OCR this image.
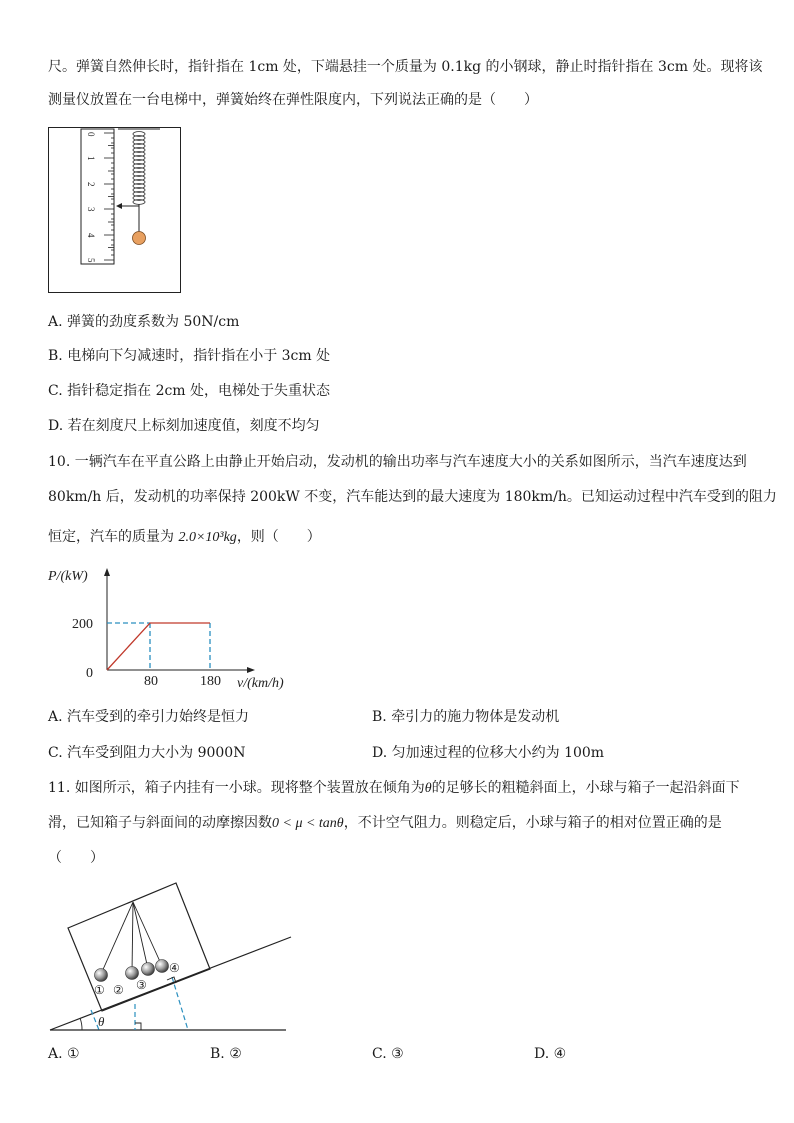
尺。弹簧自然伸长时，指针指在 1cm 处，下端悬挂一个质量为 0.1kg 的小钢球，静止时指针指在 3cm 处。现将该
测量仪放置在一台电梯中，弹簧始终在弹性限度内，下列说法正确的是（　　）
0
1
2
3
4
5
A. 弹簧的劲度系数为 50N/cm
B. 电梯向下匀减速时，指针指在小于 3cm 处
C. 指针稳定指在 2cm 处，电梯处于失重状态
D. 若在刻度尺上标刻加速度值，刻度不均匀
10. 一辆汽车在平直公路上由静止开始启动，发动机的输出功率与汽车速度大小的关系如图所示，当汽车速度达到
80km/h 后，发动机的功率保持 200kW 不变，汽车能达到的最大速度为 180km/h。已知运动过程中汽车受到的阻力
恒定，汽车的质量为 2.0×10³kg，则（　　）
P/(kW)
200
0
80	180 v/(km/h)
A. 汽车受到的牵引力始终是恒力	B. 牵引力的施力物体是发动机
C. 汽车受到阻力大小为 9000N	D. 匀加速过程的位移大小约为 100m
11. 如图所示，箱子内挂有一小球。现将整个装置放在倾角为θ的足够长的粗糙斜面上，小球与箱子一起沿斜面下
滑，已知箱子与斜面间的动摩擦因数0 < μ < tanθ，不计空气阻力。则稳定后，小球与箱子的相对位置正确的是
（　　）
① ② ③
④
θ
A. ①	B. ②	C. ③	D. ④
